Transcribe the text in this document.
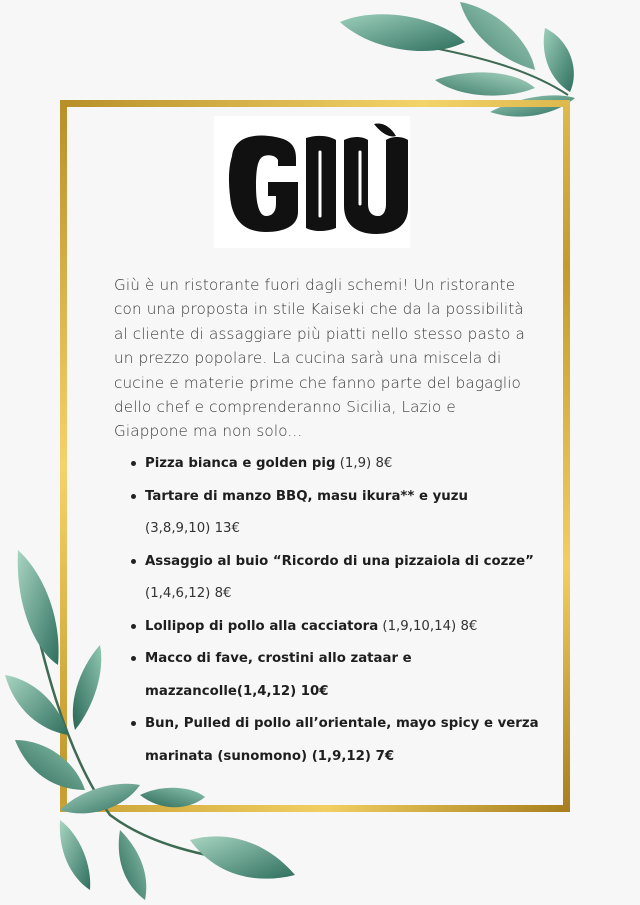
Giù è un ristorante fuori dagli schemi! Un ristorante con una proposta in stile Kaiseki che da la possibilità al cliente di assaggiare più piatti nello stesso pasto a un prezzo popolare. La cucina sarà una miscela di cucine e materie prime che fanno parte del bagaglio dello chef e comprenderanno Sicilia, Lazio e Giappone ma non solo...

Pizza bianca e golden pig (1,9) 8€
Tartare di manzo BBQ, masu ikura** e yuzu
(3,8,9,10) 13€
Assaggio al buio “Ricordo di una pizzaiola di cozze” (1,4,6,12) 8€
Lollipop di pollo alla cacciatora (1,9,10,14) 8€
Macco di fave, crostini allo zataar e mazzancolle(1,4,12) 10€
Bun, Pulled di pollo all’orientale, mayo spicy e verza marinata (sunomono) (1,9,12) 7€
